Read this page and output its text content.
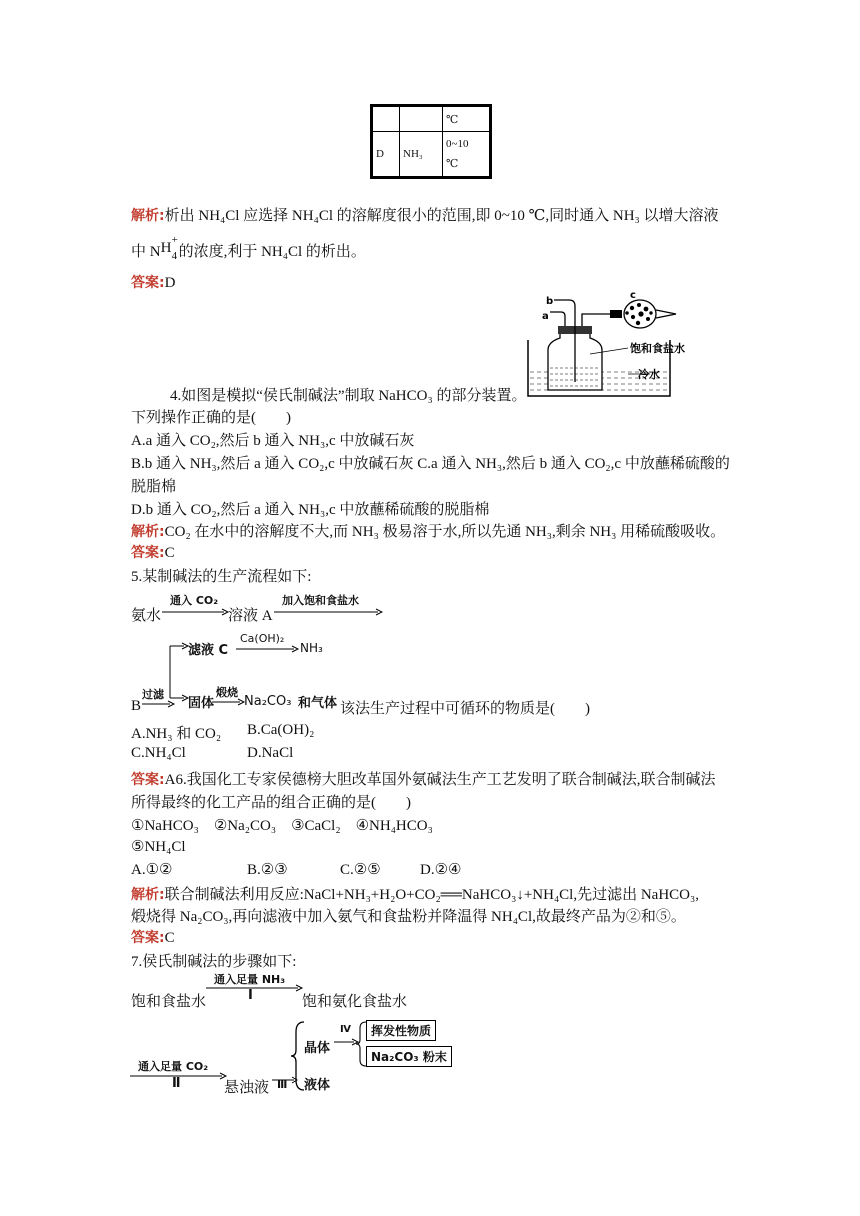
		℃
D	NH₃	0~10
℃
解析:析出 NH₄Cl 应选择 NH₄Cl 的溶解度很小的范围,即 0~10 ℃,同时通入 NH₃ 以增大溶液
中 N H +
4 的浓度,利于 NH₄Cl 的析出。
答案:D
b
a
c
饱和食盐水
冷水
4.如图是模拟“侯氏制碱法”制取 NaHCO₃ 的部分装置。
下列操作正确的是(　　)
A.a 通入 CO₂,然后 b 通入 NH₃,c 中放碱石灰
B.b 通入 NH₃,然后 a 通入 CO₂,c 中放碱石灰 C.a 通入 NH₃,然后 b 通入 CO₂,c 中放蘸稀硫酸的
脱脂棉
D.b 通入 CO₂,然后 a 通入 NH₃,c 中放蘸稀硫酸的脱脂棉
解析:CO₂ 在水中的溶解度不大,而 NH₃ 极易溶于水,所以先通 NH₃,剩余 NH₃ 用稀硫酸吸收。
答案:C
5.某制碱法的生产流程如下:
氨水
通入 CO₂
溶液 A
加入饱和食盐水
滤液 C
Ca(OH)₂
NH₃
B
过滤
固体
煅烧
Na₂CO₃ 和气体 该法生产过程中可循环的物质是(　　)
A.NH₃ 和 CO₂ B.Ca(OH)₂
C.NH₄Cl	D.NaCl
答案:A6.我国化工专家侯德榜大胆改革国外氨碱法生产工艺发明了联合制碱法,联合制碱法
所得最终的化工产品的组合正确的是(　　)
①NaHCO₃　②Na₂CO₃　③CaCl₂　④NH₄HCO₃
⑤NH₄Cl
A.①②	B.②③	C.②⑤	D.②④
解析:联合制碱法利用反应:NaCl+NH₃+H₂O+CO₂══NaHCO₃↓+NH₄Cl,先过滤出 NaHCO₃,
煅烧得 Na₂CO₃,再向滤液中加入氨气和食盐粉并降温得 NH₄Cl,故最终产品为②和⑤。
答案:C
7.侯氏制碱法的步骤如下:
饱和食盐水
通入足量 NH₃
Ⅰ	饱和氨化食盐水
通入足量 CO₂
Ⅱ	悬浊液 Ⅲ
晶体
液体
Ⅳ	挥发性物质
Na₂CO₃ 粉末
